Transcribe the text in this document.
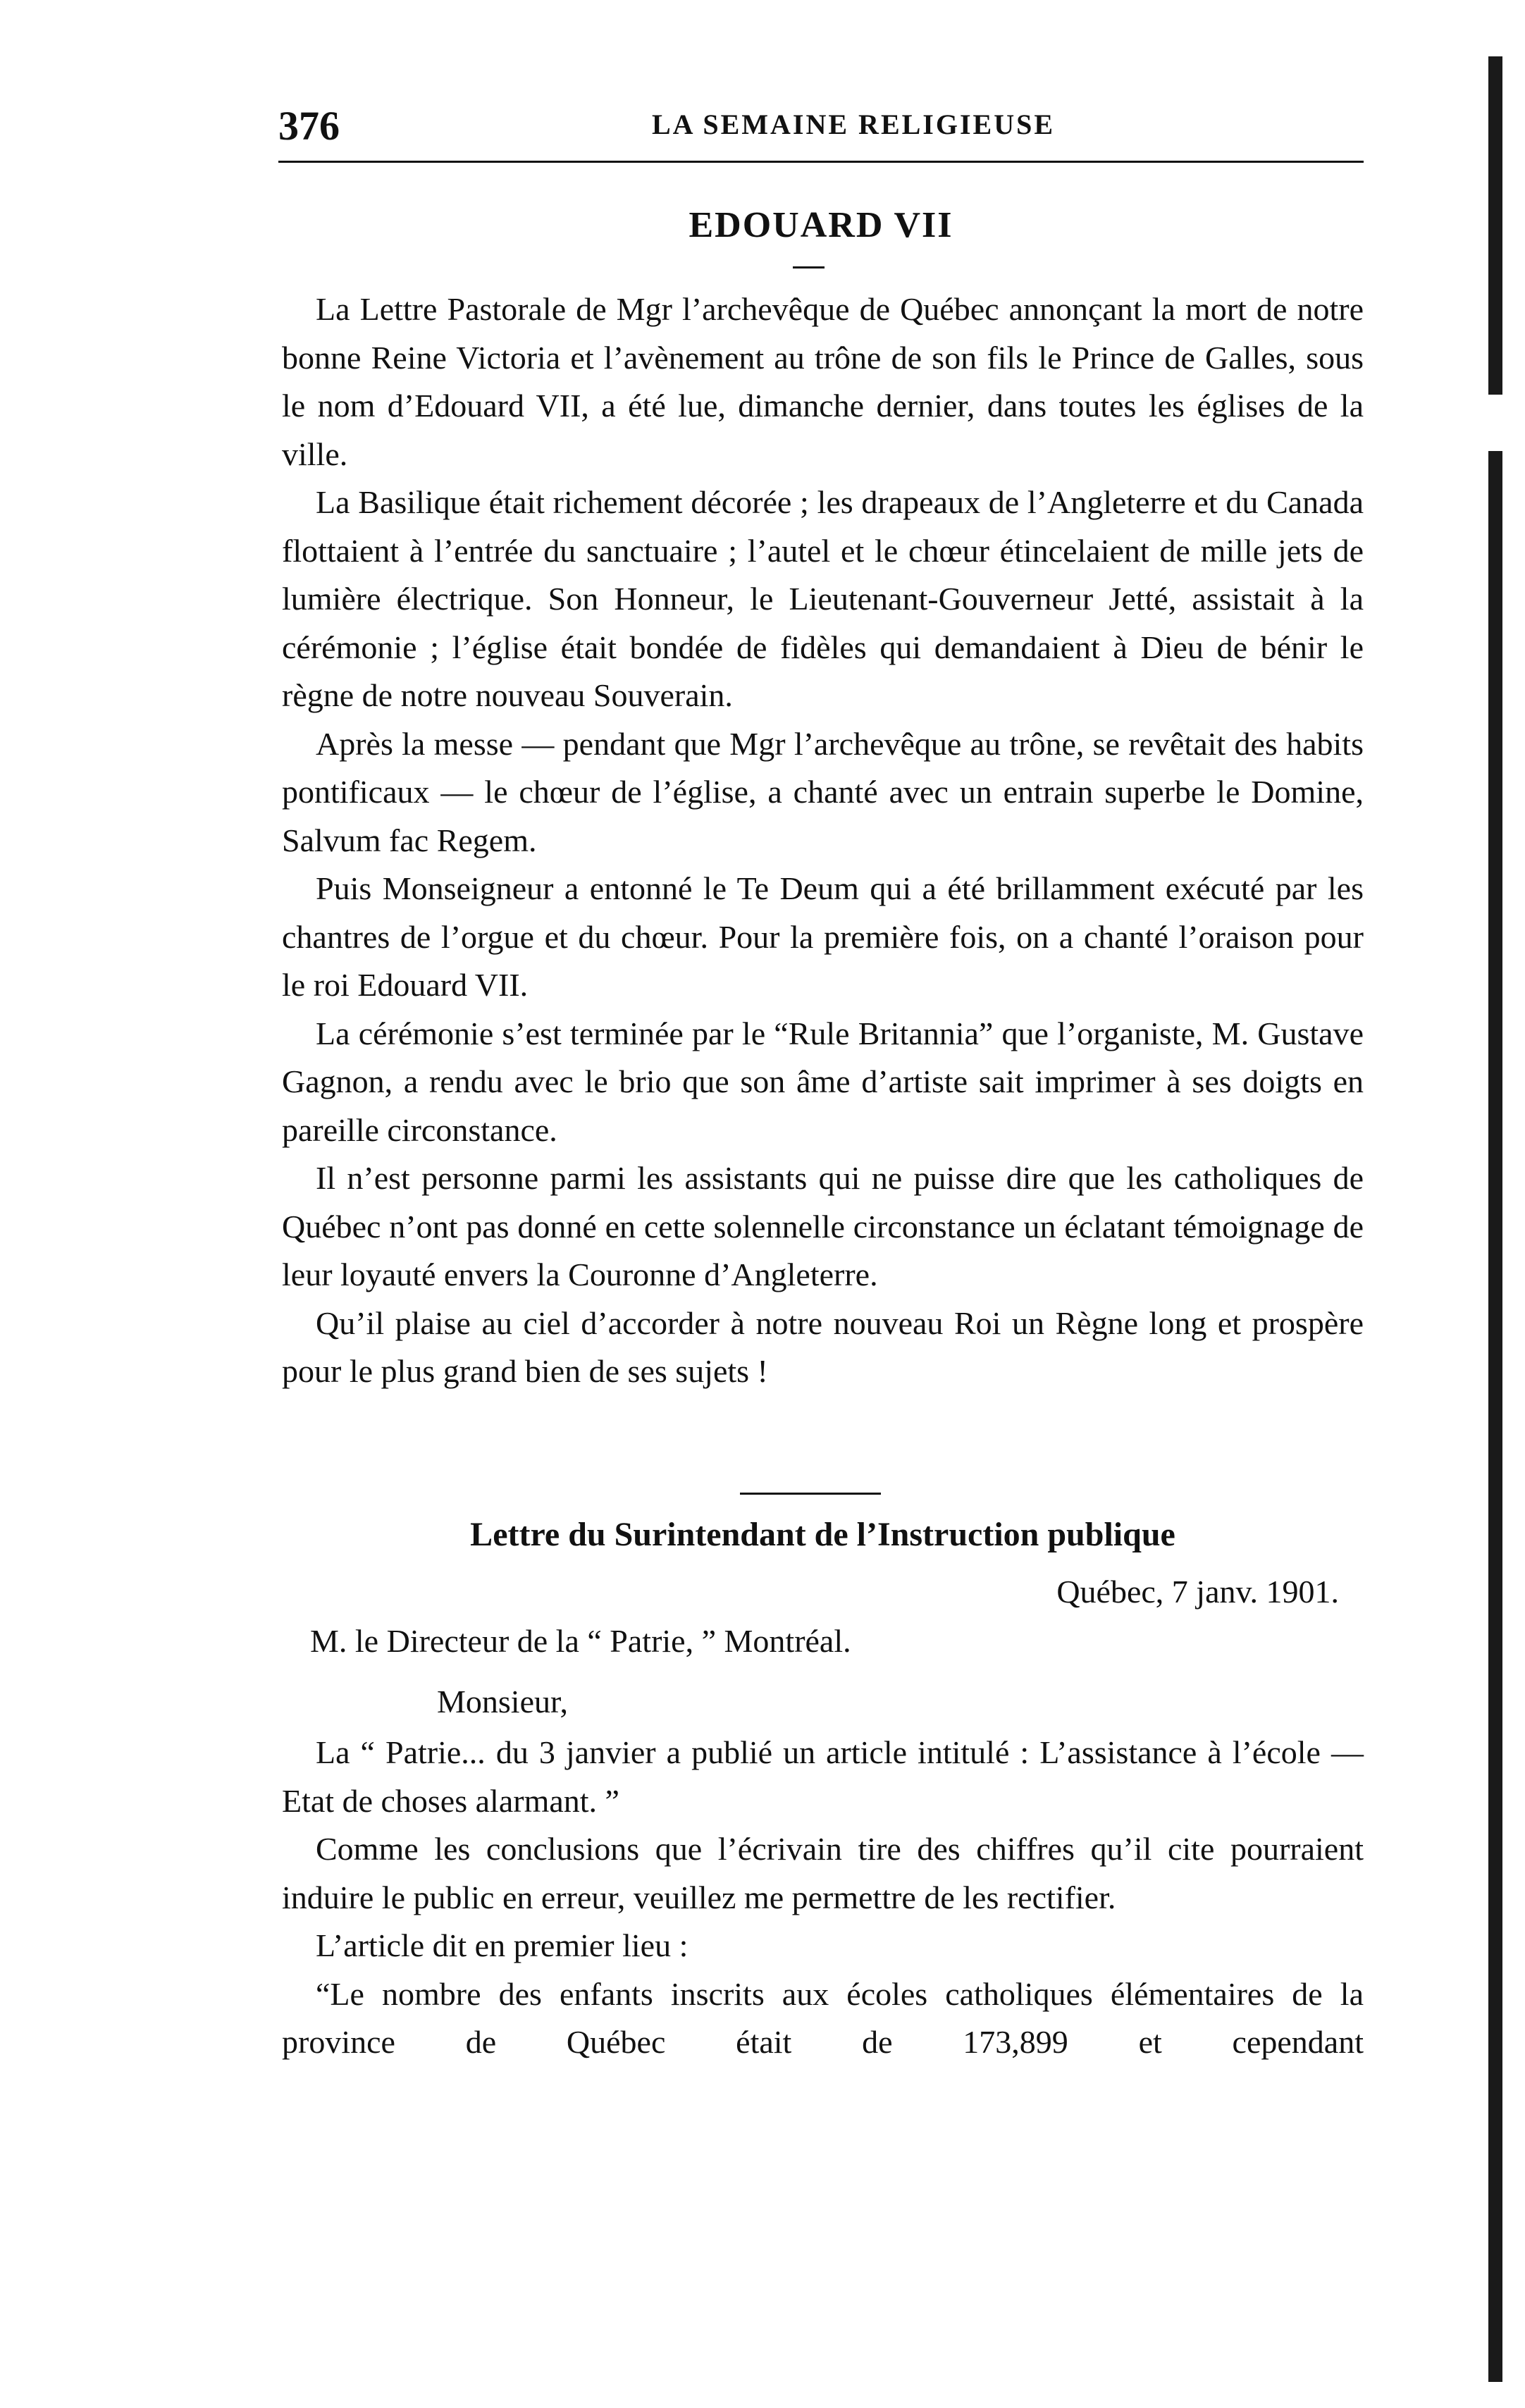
376	LA SEMAINE RELIGIEUSE
EDOUARD VII

La Lettre Pastorale de Mgr l’archevêque de Québec annonçant la mort de notre bonne Reine Victoria et l’avènement au trône de son fils le Prince de Galles, sous le nom d’Edouard VII, a été lue, dimanche dernier, dans toutes les églises de la ville.

La Basilique était richement décorée ; les drapeaux de l’Angleterre et du Canada flottaient à l’entrée du sanctuaire ; l’autel et le chœur étincelaient de mille jets de lumière électrique. Son Honneur, le Lieutenant-Gouverneur Jetté, assistait à la cérémonie ; l’église était bondée de fidèles qui demandaient à Dieu de bénir le règne de notre nouveau Souverain.

Après la messe — pendant que Mgr l’archevêque au trône, se revêtait des habits pontificaux — le chœur de l’église, a chanté avec un entrain superbe le Domine, Salvum fac Regem.

Puis Monseigneur a entonné le Te Deum qui a été brillamment exécuté par les chantres de l’orgue et du chœur. Pour la première fois, on a chanté l’oraison pour le roi Edouard VII.

La cérémonie s’est terminée par le “Rule Britannia” que l’organiste, M. Gustave Gagnon, a rendu avec le brio que son âme d’artiste sait imprimer à ses doigts en pareille circonstance.

Il n’est personne parmi les assistants qui ne puisse dire que les catholiques de Québec n’ont pas donné en cette solennelle circonstance un éclatant témoignage de leur loyauté envers la Couronne d’Angleterre.

Qu’il plaise au ciel d’accorder à notre nouveau Roi un Règne long et prospère pour le plus grand bien de ses sujets !

Lettre du Surintendant de l’Instruction publique
Québec, 7 janv. 1901.
M. le Directeur de la “ Patrie, ” Montréal.
Monsieur,

La “ Patrie... du 3 janvier a publié un article intitulé : L’assistance à l’école — Etat de choses alarmant. ”

Comme les conclusions que l’écrivain tire des chiffres qu’il cite pourraient induire le public en erreur, veuillez me permettre de les rectifier.

L’article dit en premier lieu :

“Le nombre des enfants inscrits aux écoles catholiques élémentaires de la province de Québec était de 173,899 et cependant
